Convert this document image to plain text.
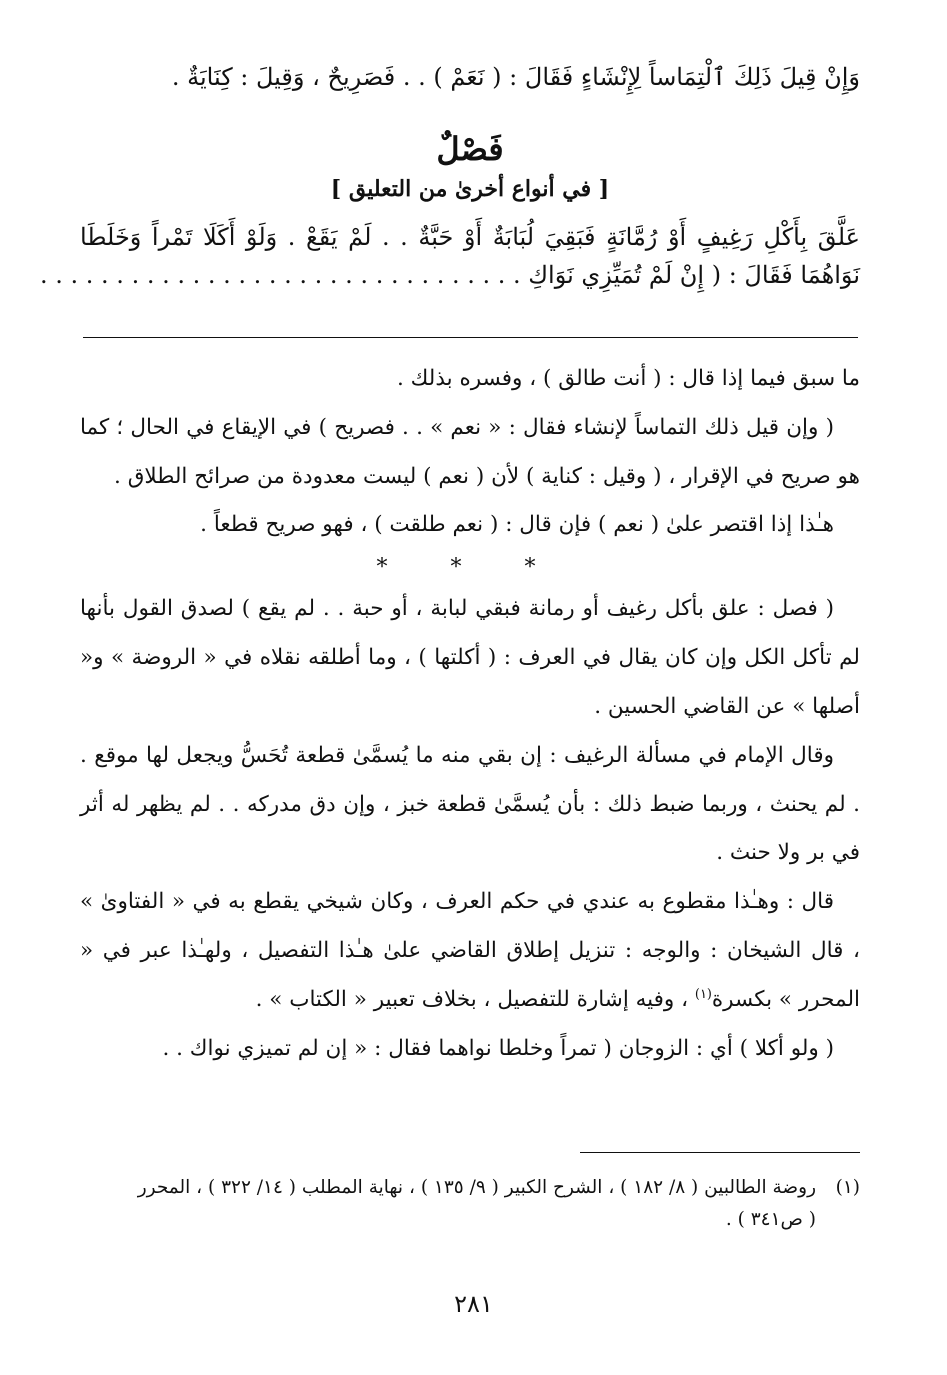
وَإِنْ قِيلَ ذَلِكَ ٱلْتِمَاساً لِإِنْشَاءٍ فَقَالَ : ( نَعَمْ ) . . فَصَرِيحٌ ، وَقِيلَ : كِنَايَةٌ .
فَصْلٌ
[ في أنواع أخرىٰ من التعليق ]
عَلَّقَ بِأَكْلِ رَغِيفٍ أَوْ رُمَّانَةٍ فَبَقِيَ لُبَابَةٌ أَوْ حَبَّةٌ . . لَمْ يَقَعْ . وَلَوْ أَكَلَا تَمْراً وَخَلَطَا
نَوَاهُمَا فَقَالَ : ( إِنْ لَمْ تُمَيِّزِي نَوَاكِ . . . . . . . . . . . . . . . . . . . . . . . . . . . . . . . .

ما سبق فيما إذا قال : ( أنت طالق ) ، وفسره بذلك .

( وإن قيل ذلك التماساً لإنشاء فقال : « نعم » . . فصريح ) في الإيقاع في الحال ؛ كما هو صريح في الإقرار ، ( وقيل : كناية ) لأن ( نعم ) ليست معدودة من صرائح الطلاق .

هـٰذا إذا اقتصر علىٰ ( نعم ) فإن قال : ( نعم طلقت ) ، فهو صريح قطعاً .

* * *

( فصل : علق بأكل رغيف أو رمانة فبقي لبابة ، أو حبة . . لم يقع ) لصدق القول بأنها لم تأكل الكل وإن كان يقال في العرف : ( أكلتها ) ، وما أطلقه نقلاه في « الروضة » و« أصلها » عن القاضي الحسين .

وقال الإمام في مسألة الرغيف : إن بقي منه ما يُسمَّىٰ قطعة تُحَسُّ ويجعل لها موقع . . لم يحنث ، وربما ضبط ذلك : بأن يُسمَّىٰ قطعة خبز ، وإن دق مدركه . . لم يظهر له أثر في بر ولا حنث .

قال : وهـٰذا مقطوع به عندي في حكم العرف ، وكان شيخي يقطع به في « الفتاوىٰ » ، قال الشيخان : والوجه : تنزيل إطلاق القاضي علىٰ هـٰذا التفصيل ، ولهـٰذا عبر في « المحرر » بكسرة$^{(١)}$ ، وفيه إشارة للتفصيل ، بخلاف تعبير « الكتاب » .

( ولو أكلا ) أي : الزوجان ( تمراً وخلطا نواهما فقال : « إن لم تميزي نواك . .

(١)روضة الطالبين ( ٨/ ١٨٢ ) ، الشرح الكبير ( ٩/ ١٣٥ ) ، نهاية المطلب ( ١٤/ ٣٢٢ ) ، المحرر

( ص٣٤١ ) .

٢٨١
